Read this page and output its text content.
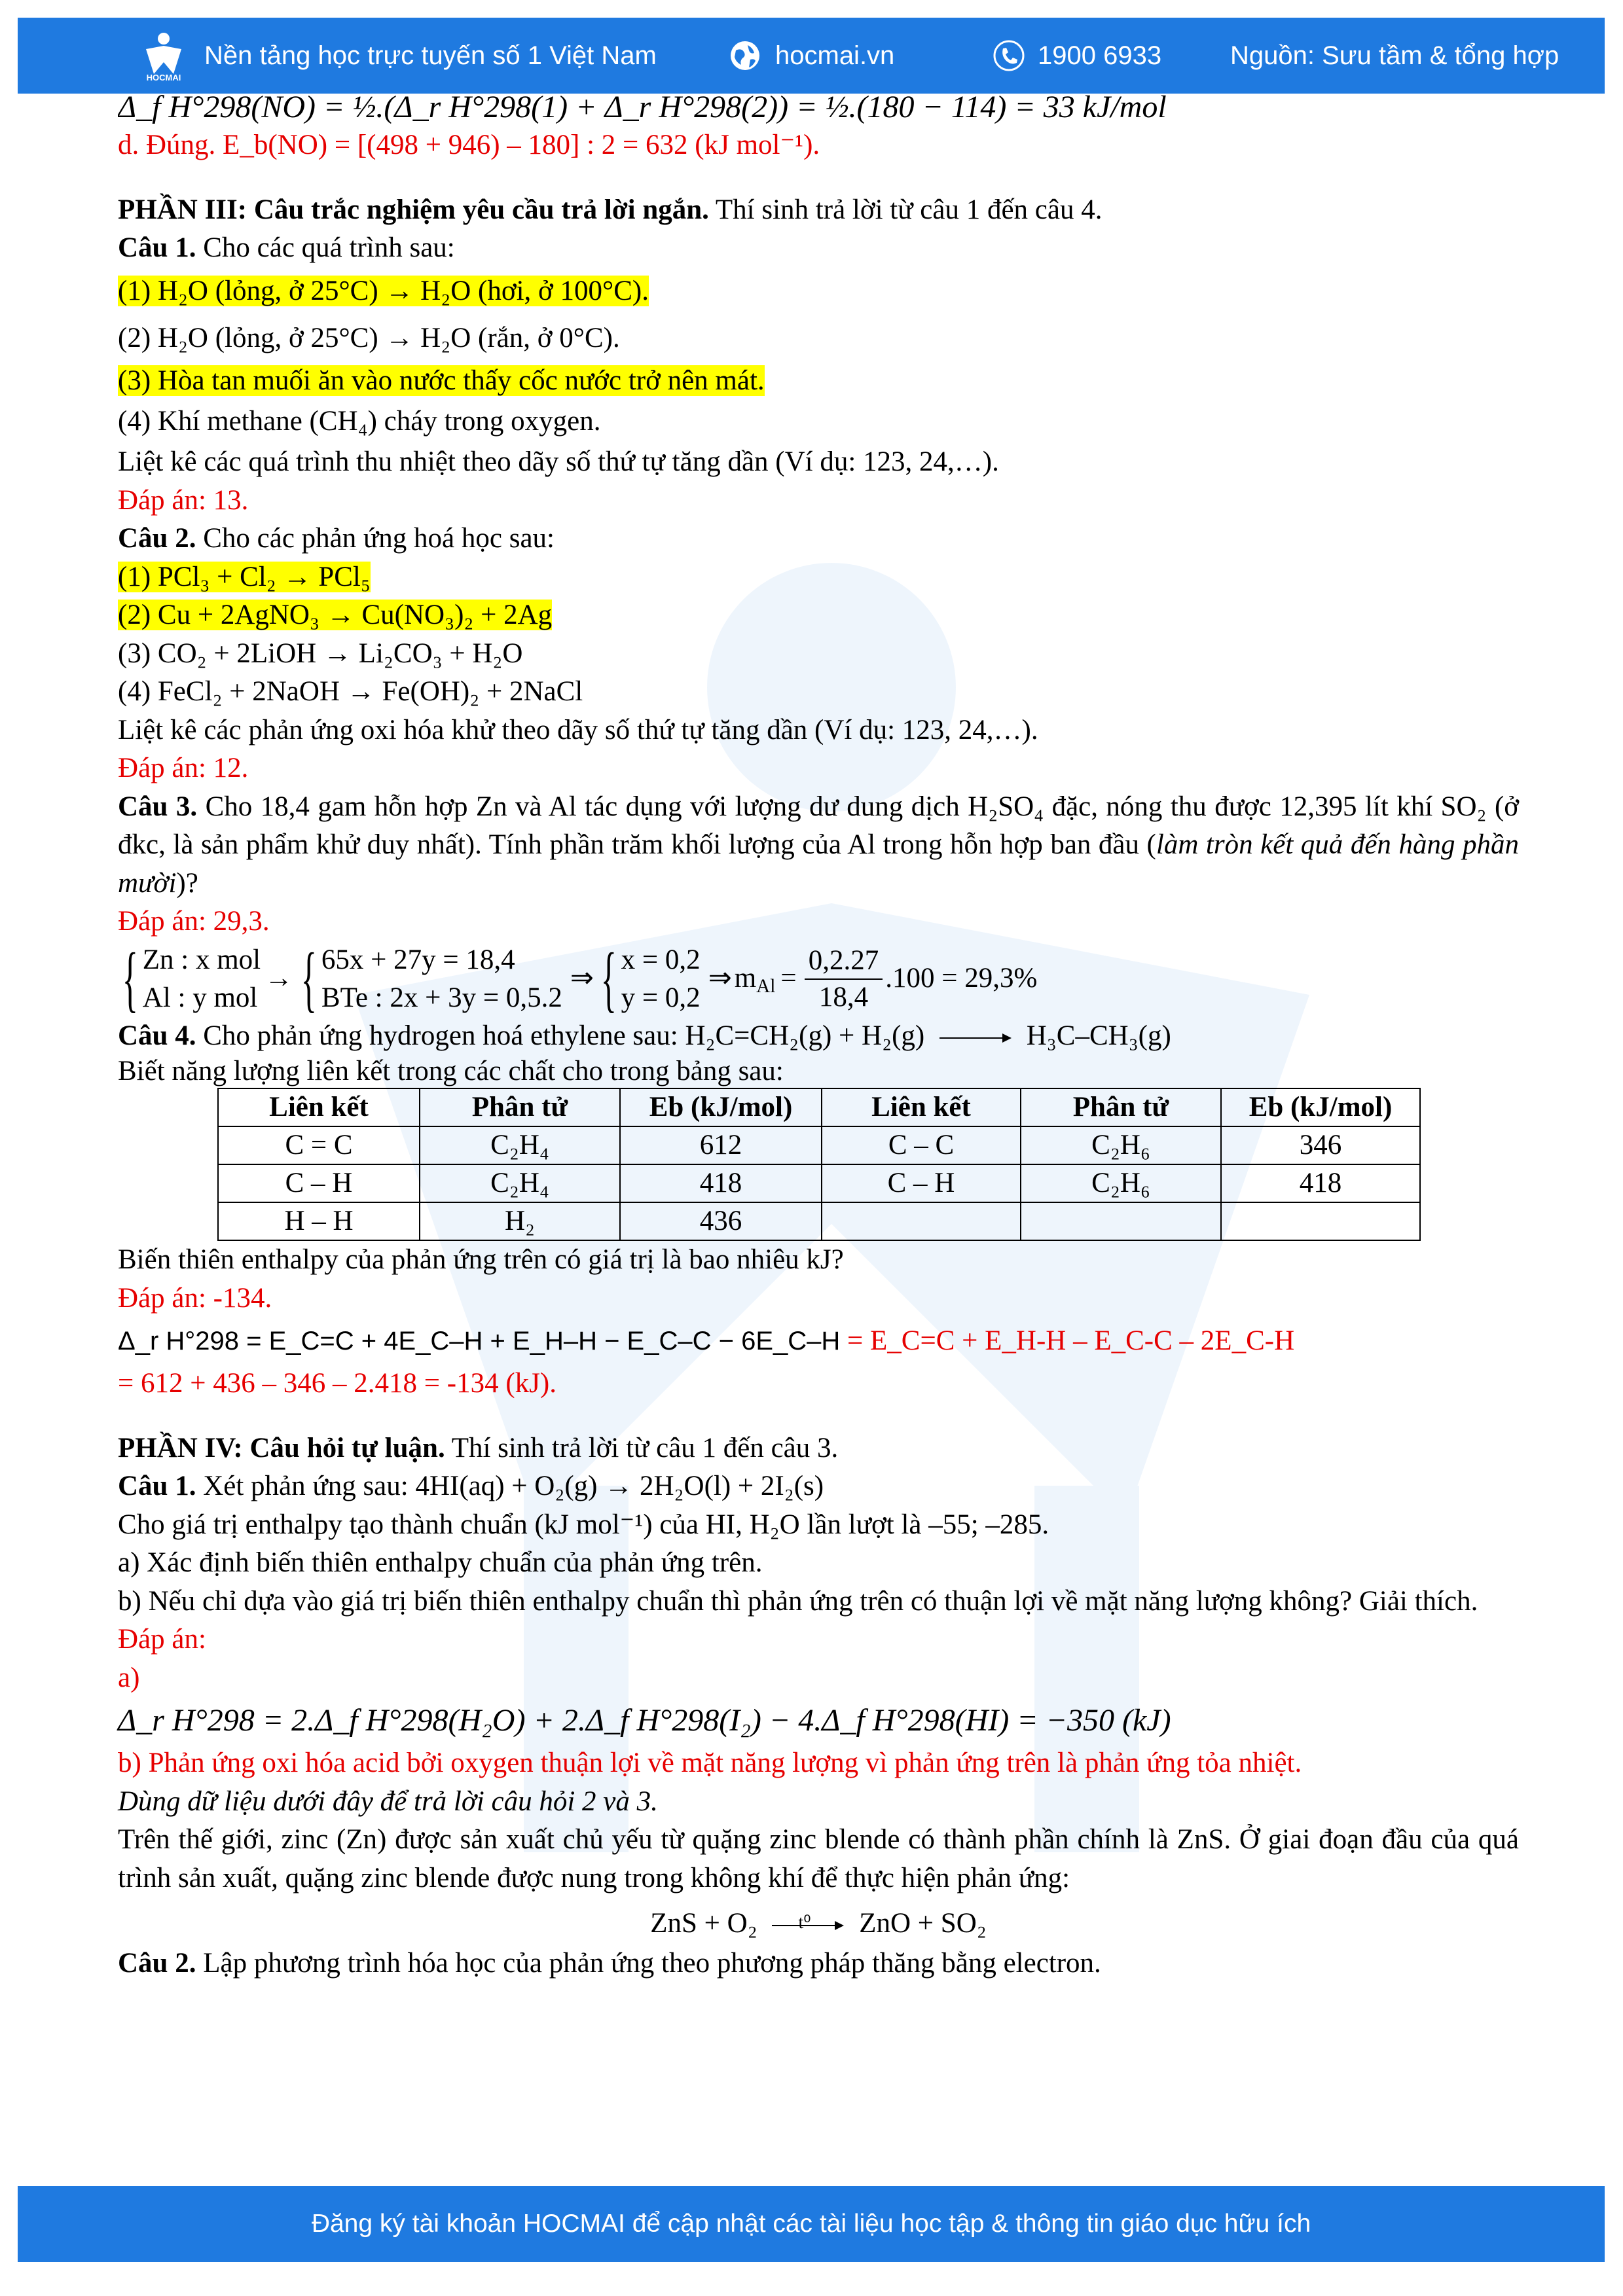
HOCMAI
Nền tảng học trực tuyến số 1 Việt Nam	hocmai.vn	1900 6933	Nguồn: Sưu tầm & tổng hợp
Δ_f H°298(NO) = ½.(Δ_r H°298(1) + Δ_r H°298(2)) = ½.(180 − 114) = 33 kJ/mol
d. Đúng. E_b(NO) = [(498 + 946) – 180] : 2 = 632 (kJ mol⁻¹).
PHẦN III: Câu trắc nghiệm yêu cầu trả lời ngắn. Thí sinh trả lời từ câu 1 đến câu 4.
Câu 1. Cho các quá trình sau:
(1) H₂O (lỏng, ở 25°C) → H₂O (hơi, ở 100°C).
(2) H₂O (lỏng, ở 25°C) → H₂O (rắn, ở 0°C).
(3) Hòa tan muối ăn vào nước thấy cốc nước trở nên mát.
(4) Khí methane (CH₄) cháy trong oxygen.
Liệt kê các quá trình thu nhiệt theo dãy số thứ tự tăng dần (Ví dụ: 123, 24,…).
Đáp án: 13.
Câu 2. Cho các phản ứng hoá học sau:
(1) PCl₃ + Cl₂ → PCl₅
(2) Cu + 2AgNO₃ → Cu(NO₃)₂ + 2Ag
(3) CO₂ + 2LiOH → Li₂CO₃ + H₂O
(4) FeCl₂ + 2NaOH → Fe(OH)₂ + 2NaCl
Liệt kê các phản ứng oxi hóa khử theo dãy số thứ tự tăng dần (Ví dụ: 123, 24,…).
Đáp án: 12.
Câu 3. Cho 18,4 gam hỗn hợp Zn và Al tác dụng với lượng dư dung dịch H₂SO₄ đặc, nóng thu được 12,395 lít khí SO₂ (ở đkc, là sản phẩm khử duy nhất). Tính phần trăm khối lượng của Al trong hỗn hợp ban đầu (làm tròn kết quả đến hàng phần mười)?
Đáp án: 29,3.
{ Zn : x mol
Al : y mol
→ { 65x + 27y = 18,4
BTe : 2x + 3y = 0,5.2
⇒ { x = 0,2
y = 0,2
⇒ $m_{Al} = \frac{0,2.27}{18,4} .100 = 29,3\%$
Câu 4. Cho phản ứng hydrogen hoá ethylene sau: H₂C=CH₂(g) + H₂(g)	H₃C–CH₃(g)
Biết năng lượng liên kết trong các chất cho trong bảng sau:
Liên kết	Phân tử	Eb (kJ/mol)	Liên kết	Phân tử	Eb (kJ/mol)
C = C	C₂H₄	612	C – C	C₂H₆	346
C – H	C₂H₄	418	C – H	C₂H₆	418
H – H	H₂	436			
Biến thiên enthalpy của phản ứng trên có giá trị là bao nhiêu kJ?
Đáp án: -134.
Δ_r H°298 = E_C=C + 4E_C–H + E_H–H − E_C–C − 6E_C–H = E_C=C + E_H-H – E_C-C – 2E_C-H
= 612 + 436 – 346 – 2.418 = -134 (kJ).
PHẦN IV: Câu hỏi tự luận. Thí sinh trả lời từ câu 1 đến câu 3.
Câu 1. Xét phản ứng sau: 4HI(aq) + O₂(g) → 2H₂O(l) + 2I₂(s)
Cho giá trị enthalpy tạo thành chuẩn (kJ mol⁻¹) của HI, H₂O lần lượt là –55; –285.
a) Xác định biến thiên enthalpy chuẩn của phản ứng trên.
b) Nếu chỉ dựa vào giá trị biến thiên enthalpy chuẩn thì phản ứng trên có thuận lợi về mặt năng lượng không? Giải thích.
Đáp án:
a)
Δ_r H°298 = 2.Δ_f H°298(H₂O) + 2.Δ_f H°298(I₂) − 4.Δ_f H°298(HI) = −350 (kJ)
b) Phản ứng oxi hóa acid bởi oxygen thuận lợi về mặt năng lượng vì phản ứng trên là phản ứng tỏa nhiệt.
Dùng dữ liệu dưới đây để trả lời câu hỏi 2 và 3.
Trên thế giới, zinc (Zn) được sản xuất chủ yếu từ quặng zinc blende có thành phần chính là ZnS. Ở giai đoạn đầu của quá trình sản xuất, quặng zinc blende được nung trong không khí để thực hiện phản ứng:
ZnS + O₂ t⁰ ZnO + SO₂
Câu 2. Lập phương trình hóa học của phản ứng theo phương pháp thăng bằng electron.
Đăng ký tài khoản HOCMAI để cập nhật các tài liệu học tập & thông tin giáo dục hữu ích
